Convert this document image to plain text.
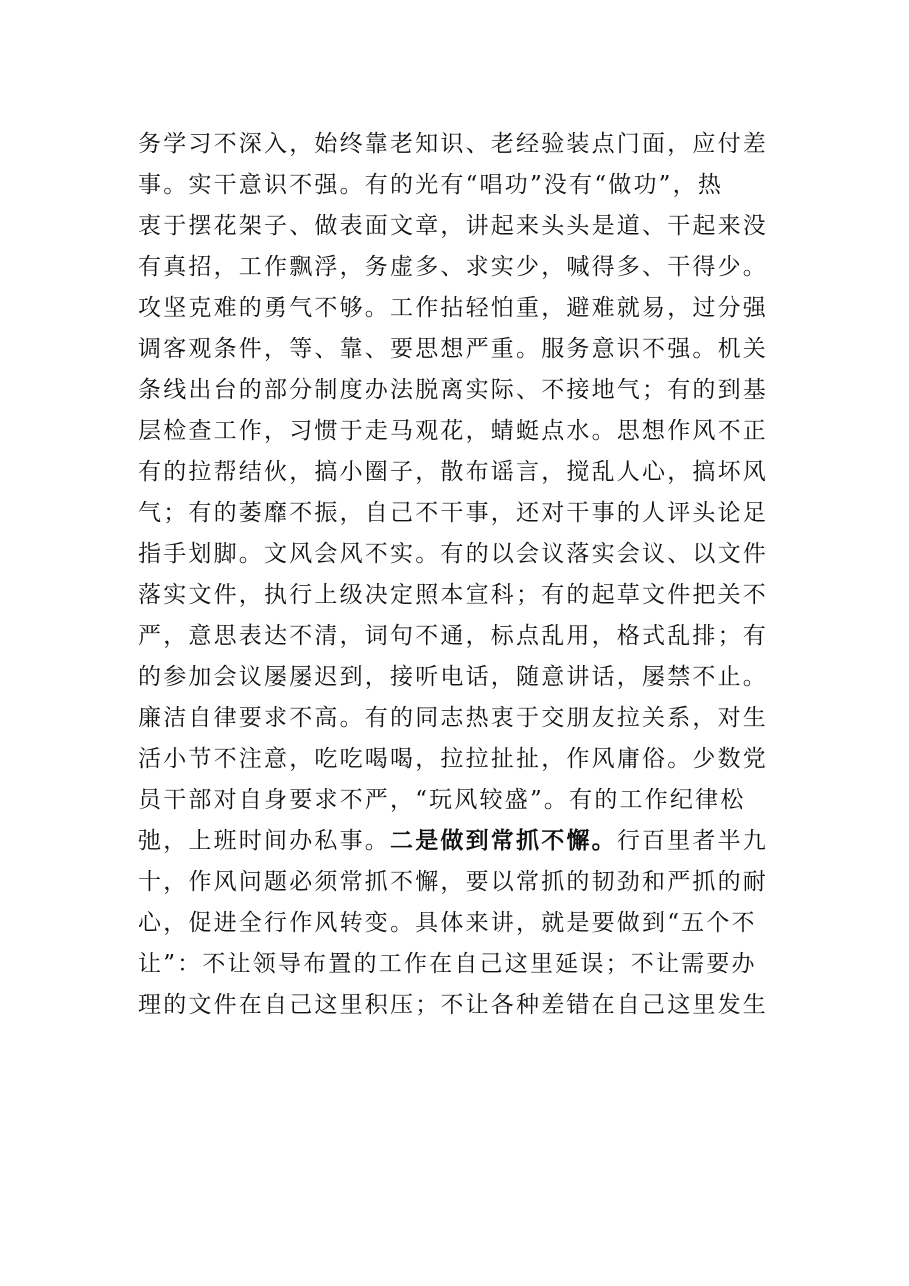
务学习不深入，始终靠老知识、老经验装点门面，应付差
事。实干意识不强。有的光有“唱功”没有“做功”，热
衷于摆花架子、做表面文章，讲起来头头是道、干起来没
有真招，工作飘浮，务虚多、求实少，喊得多、干得少。
攻坚克难的勇气不够。工作拈轻怕重，避难就易，过分强
调客观条件，等、靠、要思想严重。服务意识不强。机关
条线出台的部分制度办法脱离实际、不接地气；有的到基
层检查工作，习惯于走马观花，蜻蜓点水。思想作风不正
有的拉帮结伙，搞小圈子，散布谣言，搅乱人心，搞坏风
气；有的萎靡不振，自己不干事，还对干事的人评头论足
指手划脚。文风会风不实。有的以会议落实会议、以文件
落实文件，执行上级决定照本宣科；有的起草文件把关不
严，意思表达不清，词句不通，标点乱用，格式乱排；有
的参加会议屡屡迟到，接听电话，随意讲话，屡禁不止。
廉洁自律要求不高。有的同志热衷于交朋友拉关系，对生
活小节不注意，吃吃喝喝，拉拉扯扯，作风庸俗。少数党
员干部对自身要求不严，“玩风较盛”。有的工作纪律松
弛，上班时间办私事。二是做到常抓不懈。行百里者半九
十，作风问题必须常抓不懈，要以常抓的韧劲和严抓的耐
心，促进全行作风转变。具体来讲，就是要做到“五个不
让”：不让领导布置的工作在自己这里延误；不让需要办
理的文件在自己这里积压；不让各种差错在自己这里发生
